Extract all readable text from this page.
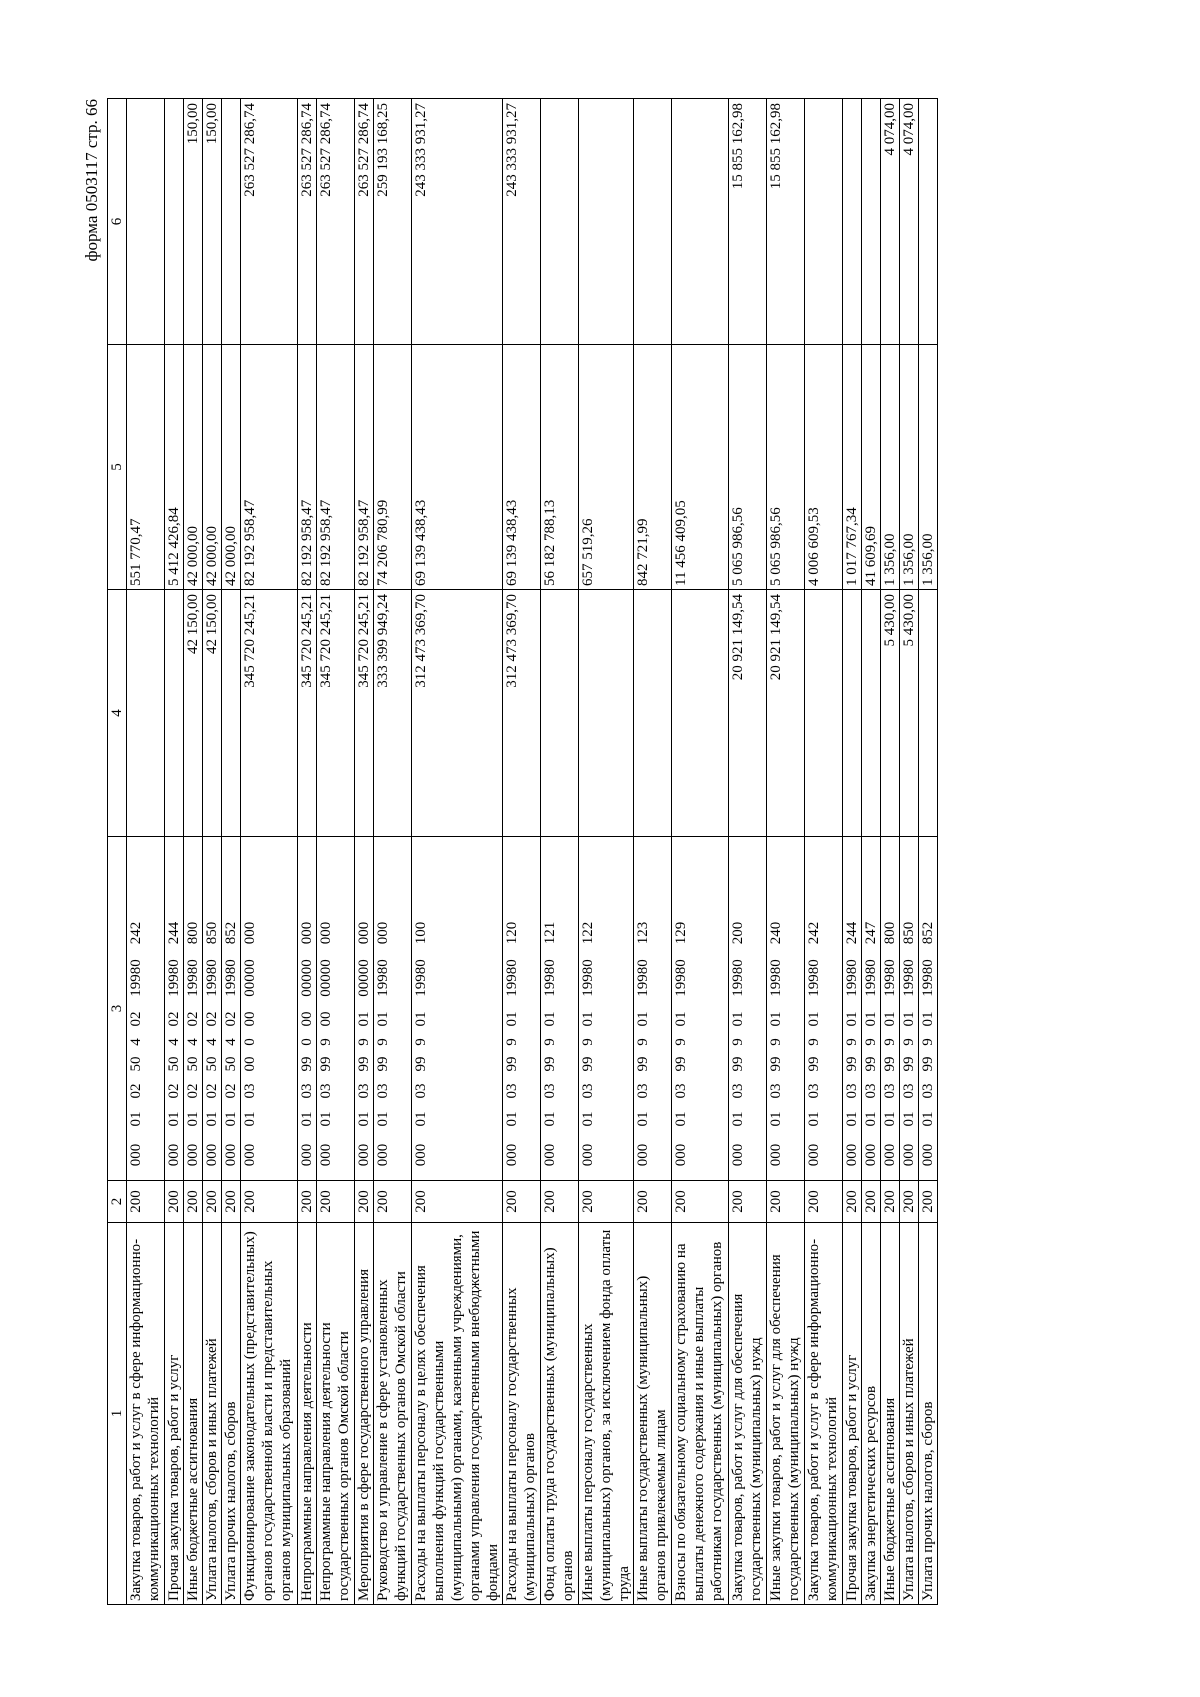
форма 0503117 стр. 66
1	2	3	4	5	6
Закупка товаров, работ и услуг в сфере информационно-коммуникационных технологий	200	00001025040219980242		551 770,47	
Прочая закупка товаров, работ и услуг	200	00001025040219980244		5 412 426,84	
Иные бюджетные ассигнования	200	00001025040219980800	42 150,00	42 000,00	150,00
Уплата налогов, сборов и иных платежей	200	00001025040219980850	42 150,00	42 000,00	150,00
Уплата прочих налогов, сборов	200	00001025040219980852		42 000,00	
Функционирование законодательных (представительных) органов государственной власти и представительных органов муниципальных образований	200	00001030000000000000	345 720 245,21	82 192 958,47	263 527 286,74
Непрограммные направления деятельности	200	00001039900000000000	345 720 245,21	82 192 958,47	263 527 286,74
Непрограммные направления деятельности государственных органов Омской области	200	00001039990000000000	345 720 245,21	82 192 958,47	263 527 286,74
Мероприятия в сфере государственного управления	200	00001039990100000000	345 720 245,21	82 192 958,47	263 527 286,74
Руководство и управление в сфере установленных функций государственных органов Омской области	200	00001039990119980000	333 399 949,24	74 206 780,99	259 193 168,25
Расходы на выплаты персоналу в целях обеспечения выполнения функций государственными (муниципальными) органами, казенными учреждениями, органами управления государственными внебюджетными фондами	200	00001039990119980100	312 473 369,70	69 139 438,43	243 333 931,27
Расходы на выплаты персоналу государственных (муниципальных) органов	200	00001039990119980120	312 473 369,70	69 139 438,43	243 333 931,27
Фонд оплаты труда государственных (муниципальных) органов	200	00001039990119980121		56 182 788,13	
Иные выплаты персоналу государственных (муниципальных) органов, за исключением фонда оплаты труда	200	00001039990119980122		657 519,26	
Иные выплаты государственных (муниципальных) органов привлекаемым лицам	200	00001039990119980123		842 721,99	
Взносы по обязательному социальному страхованию на выплаты денежного содержания и иные выплаты работникам государственных (муниципальных) органов	200	00001039990119980129		11 456 409,05	
Закупка товаров, работ и услуг для обеспечения государственных (муниципальных) нужд	200	00001039990119980200	20 921 149,54	5 065 986,56	15 855 162,98
Иные закупки товаров, работ и услуг для обеспечения государственных (муниципальных) нужд	200	00001039990119980240	20 921 149,54	5 065 986,56	15 855 162,98
Закупка товаров, работ и услуг в сфере информационно-коммуникационных технологий	200	00001039990119980242		4 006 609,53	
Прочая закупка товаров, работ и услуг	200	00001039990119980244		1 017 767,34	
Закупка энергетических ресурсов	200	00001039990119980247		41 609,69	
Иные бюджетные ассигнования	200	00001039990119980800	5 430,00	1 356,00	4 074,00
Уплата налогов, сборов и иных платежей	200	00001039990119980850	5 430,00	1 356,00	4 074,00
Уплата прочих налогов, сборов	200	00001039990119980852		1 356,00	
